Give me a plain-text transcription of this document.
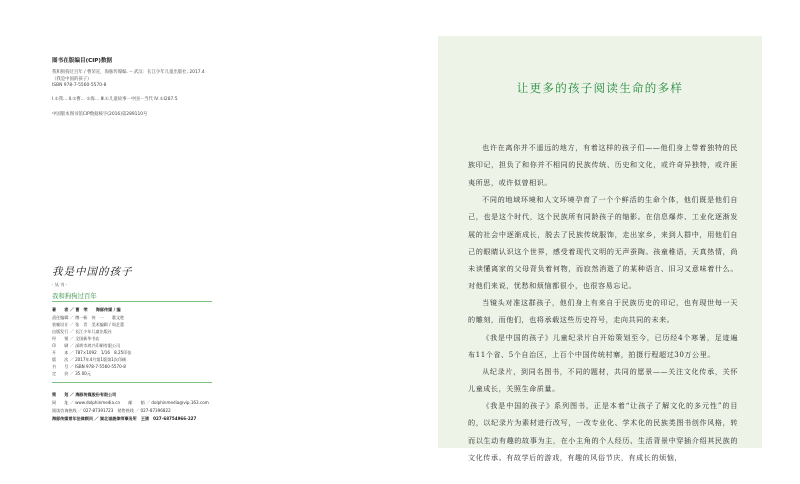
图书在版编目(CIP)数据
我和狗狗过百年 / 曹荣宣，海豚传媒编. -- 武汉：长江少年儿童出版社, 2017.4
（我是中国的孩子）
ISBN 978-7-5560-5570-8
Ⅰ.①我… Ⅱ.①曹… ②海… Ⅲ.①儿童故事－中国－当代 Ⅳ.①I287.5
中国版本图书馆CIP数据核字(2016)第289110号
我是中国的孩子
· 丛 书 ·
我和狗狗过百年
著　　者 ／ 曹　荣　　海豚传媒 / 编
责任编辑 ／ 傅一新　何　一　　董文胜
装帧设计 ／ 张　青　美术编辑 / 周艺蕾
出版发行 ／ 长江少年儿童出版社
经　　销 ／ 全国新华书店
印　　刷 ／ 深圳市鸿兴印刷有限公司
开　　本 ／ 787×1092　1/16　8.25印张
版　　次 ／ 2017年4月第1版第1次印刷
书　　号 ／ ISBN 978-7-5560-5570-8
定　　价 ／ 35.00元
策　　划 ／ 海豚传媒股份有限公司
网　　址 ／ www.dolphinmedia.cn　　邮　　箱 ／ dolphinmedia@vip.163.com
阅读咨询热线 ／ 027-87391723　销售热线 ／ 027-87396822
海豚传媒常年法律顾问 ／ 湖北诚晟律师事务所　王清　027-68754966-227
让更多的孩子阅读生命的多样

也许在离你并不遥远的地方，有着这样的孩子们——他们身上带着独特的民族印记，担负了和你并不相同的民族传统、历史和文化，或许奇异独特，或许匪夷所思，或许似曾相识。

不同的地域环境和人文环境孕育了一个个鲜活的生命个体，他们既是他们自己，也是这个时代，这个民族所有同龄孩子的缩影。在信息爆炸、工业化逐渐发展的社会中逐渐成长，脱去了民族传统服饰，走出家乡，来到人群中，用他们自己的眼睛认识这个世界，感受着现代文明的无声蚕陶。孩童稚语，天真热情，尚未读懂离家的父母背负着何物，而寂然消逝了的某种语言、旧习又意味着什么。对他们来说，忧愁和烦恼都很小，也很容易忘记。

当镜头对准这群孩子，他们身上有来自于民族历史的印记，也有现世每一天的雕刻，而他们，也将承载这些历史符号，走向共同的未来。

《我是中国的孩子》儿童纪录片自开始策划至今，已历经4个寒暑，足迹遍布11个省、5个自治区，上百个中国传统村寨，拍摄行程超过30万公里。

从纪录片，到同名图书，不同的题材，共同的愿景——关注文化传承，关怀儿童成长，关照生命质量。

《我是中国的孩子》系列图书，正是本着“让孩子了解文化的多元性”的目的，以纪录片为素材进行改写，一改专业化、学术化的民族类图书创作风格，转而以生动有趣的故事为主，在小主角的个人经历、生活背景中穿插介绍其民族的文化传承。有故学后的游戏，有趣的风俗节庆，有成长的烦恼，
